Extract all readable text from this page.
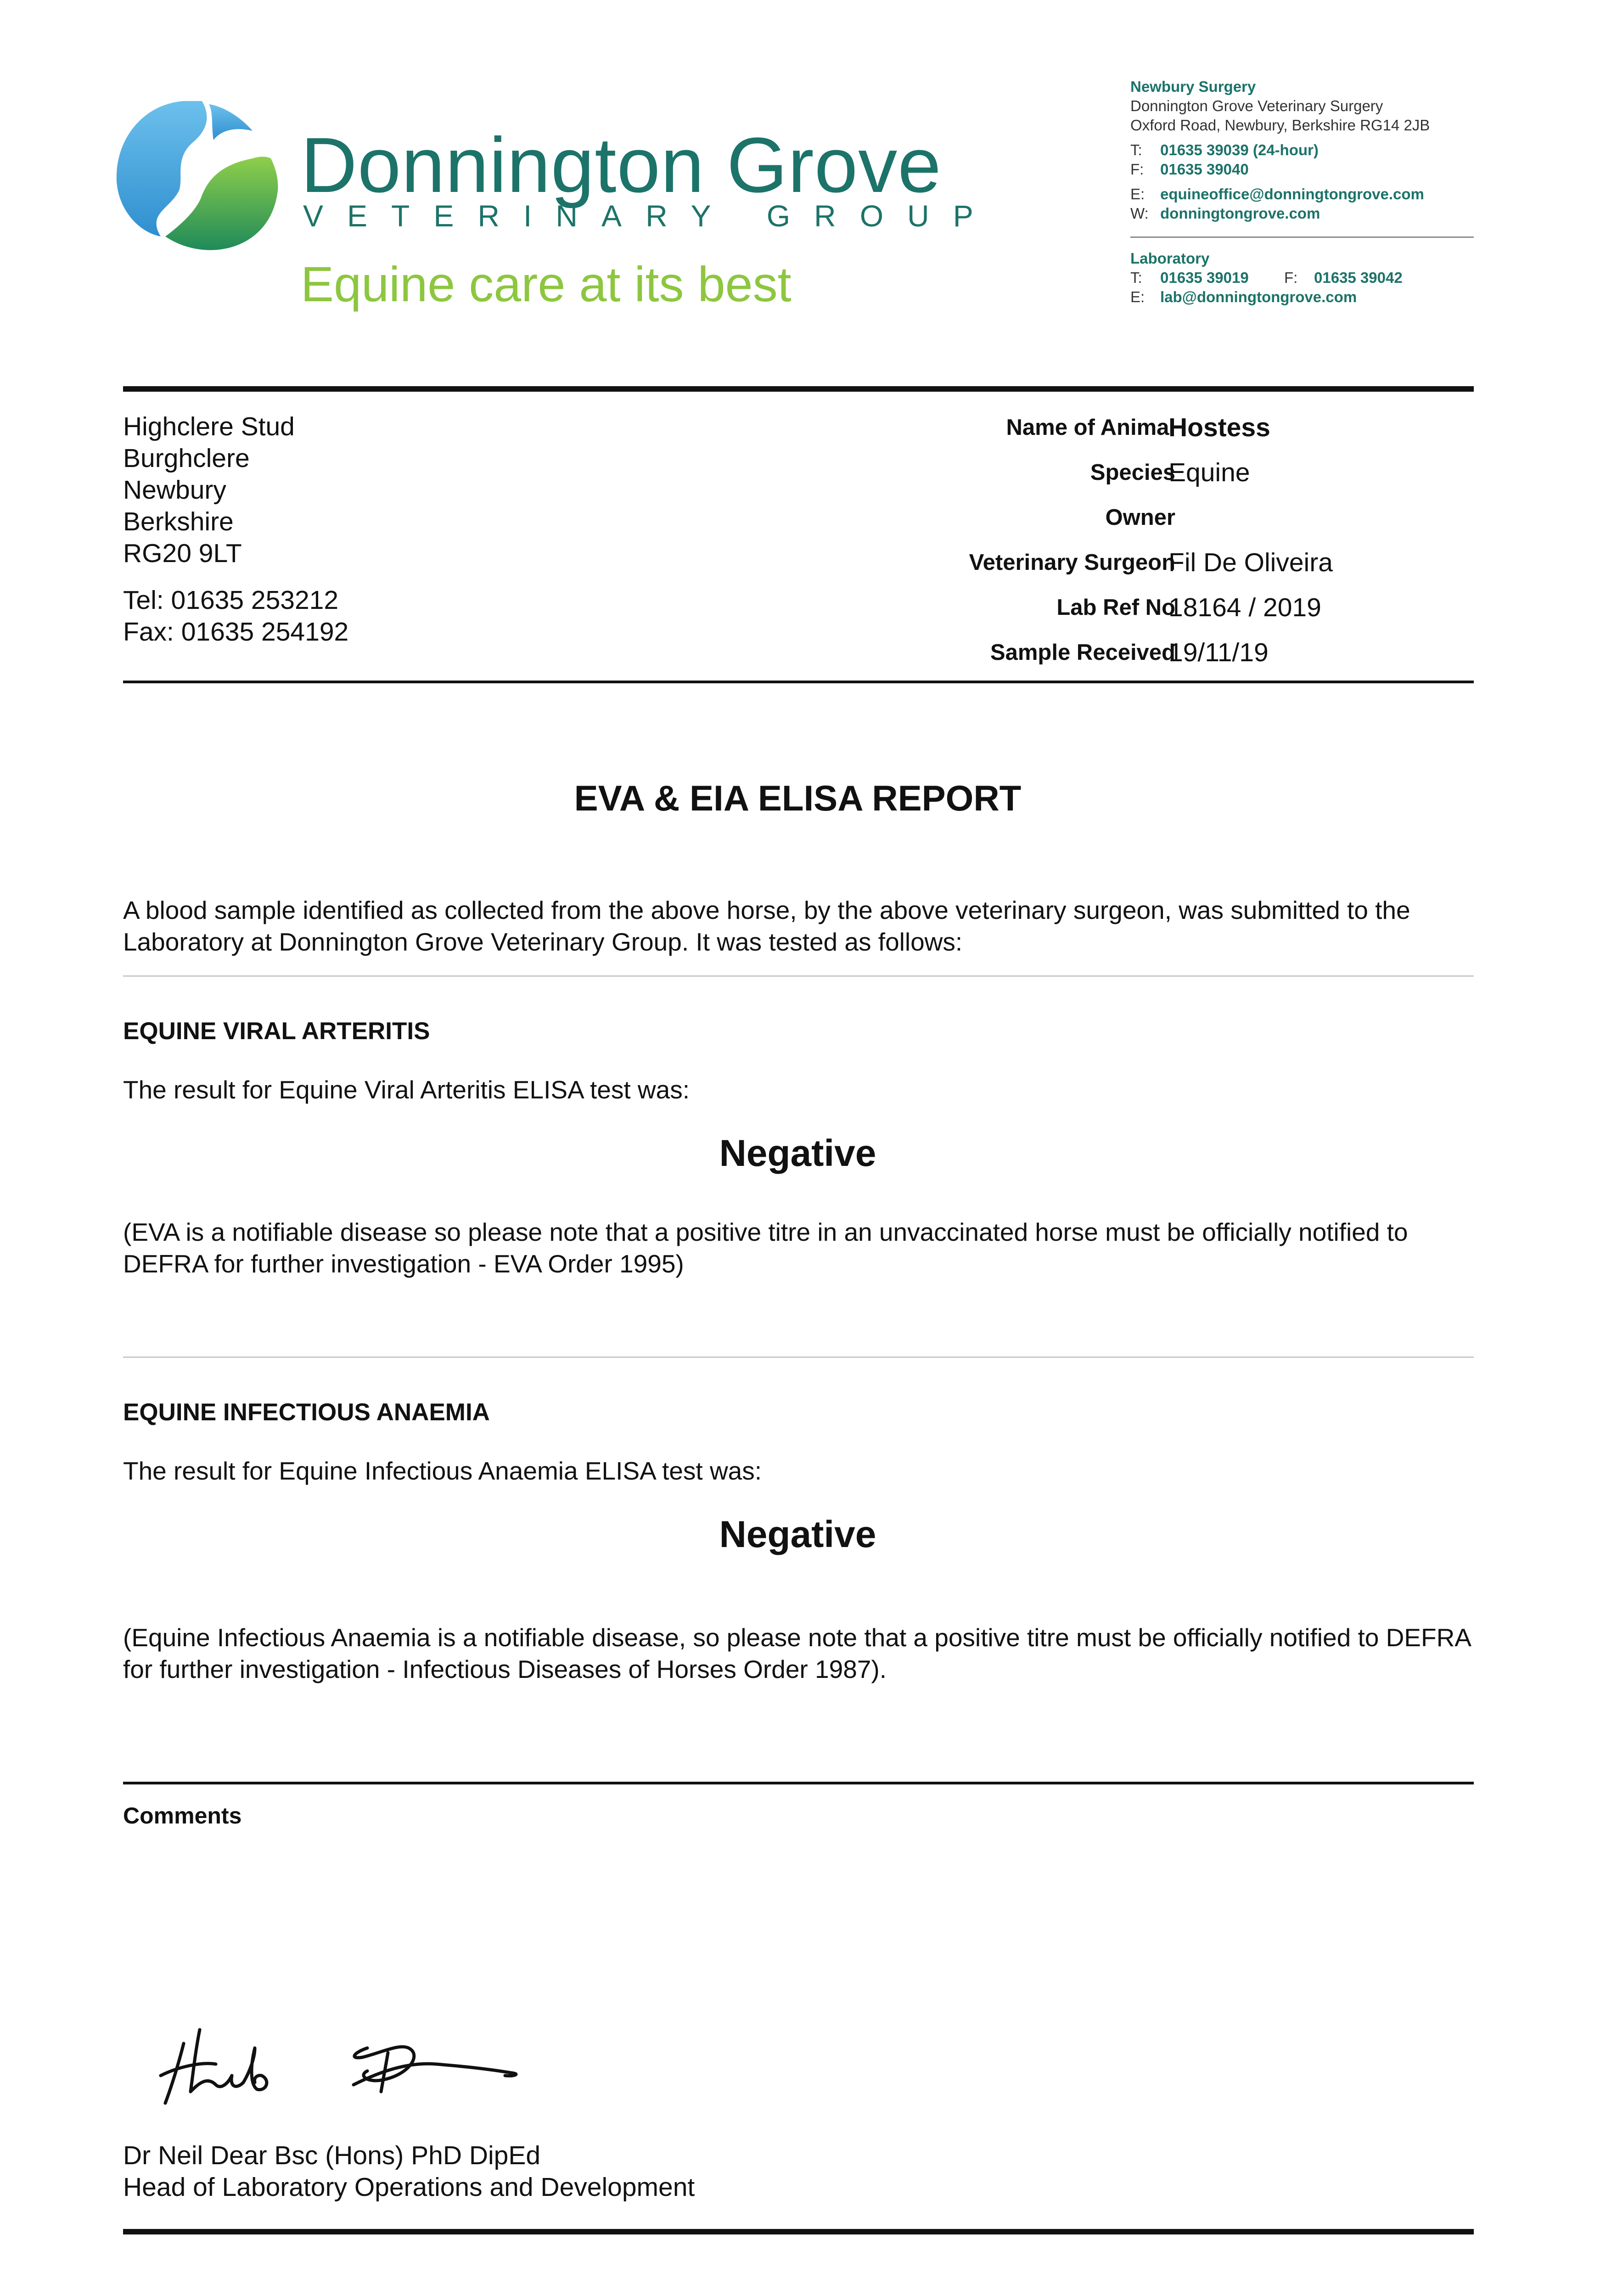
Donnington Grove
VETERINARY GROUP
Equine care at its best
Newbury Surgery
Donnington Grove Veterinary Surgery
Oxford Road, Newbury, Berkshire RG14 2JB
T: 01635 39039 (24-hour)
F: 01635 39040
E: equineoffice@donningtongrove.com
W: donningtongrove.com
Laboratory
T: 01635 39019 F: 01635 39042
E: lab@donningtongrove.com
Highclere Stud
Burghclere
Newbury
Berkshire
RG20 9LT
Tel: 01635 253212
Fax: 01635 254192
Name of Animal
Hostess
Species
Equine
Owner
Veterinary Surgeon
Fil De Oliveira
Lab Ref No
18164 / 2019
Sample Received
19/11/19
EVA & EIA ELISA REPORT
A blood sample identified as collected from the above horse, by the above veterinary surgeon, was submitted to the Laboratory at Donnington Grove Veterinary Group. It was tested as follows:
EQUINE VIRAL ARTERITIS
The result for Equine Viral Arteritis ELISA test was:
Negative
(EVA is a notifiable disease so please note that a positive titre in an unvaccinated horse must be officially notified to DEFRA for further investigation - EVA Order 1995)
EQUINE INFECTIOUS ANAEMIA
The result for Equine Infectious Anaemia ELISA test was:
Negative
(Equine Infectious Anaemia is a notifiable disease, so please note that a positive titre must be officially notified to DEFRA for further investigation - Infectious Diseases of Horses Order 1987).
Comments
Dr Neil Dear Bsc (Hons) PhD DipEd
Head of Laboratory Operations and Development
